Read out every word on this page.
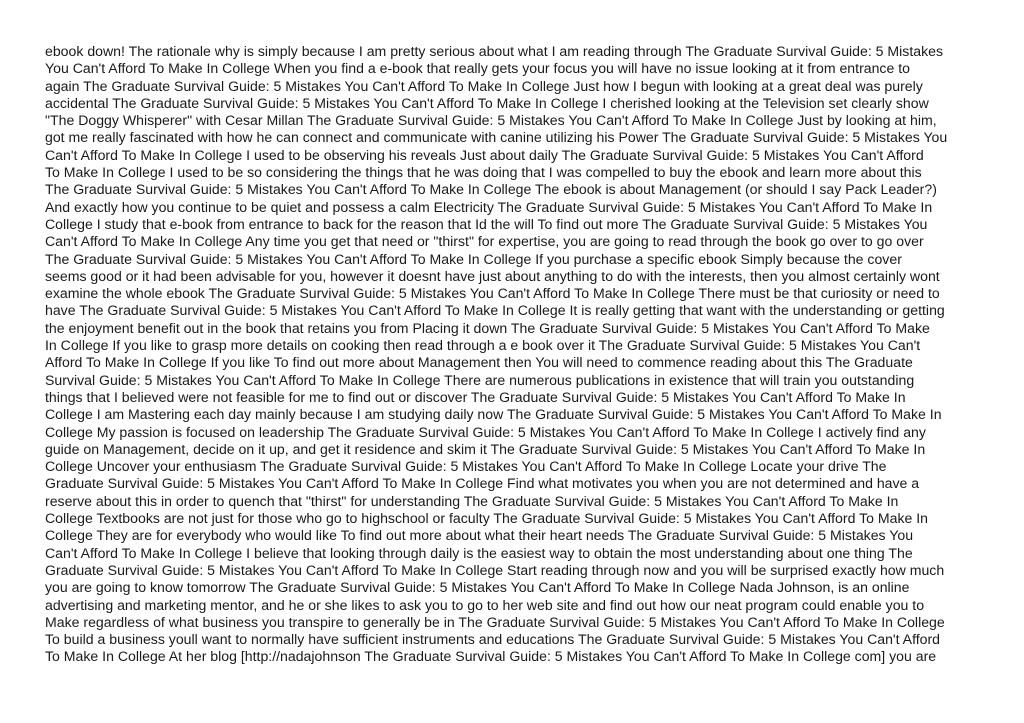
ebook down! The rationale why is simply because I am pretty serious about what I am reading through The Graduate Survival Guide: 5 Mistakes
You Can't Afford To Make In College When you find a e-book that really gets your focus you will have no issue looking at it from entrance to
again The Graduate Survival Guide: 5 Mistakes You Can't Afford To Make In College Just how I begun with looking at a great deal was purely
accidental The Graduate Survival Guide: 5 Mistakes You Can't Afford To Make In College I cherished looking at the Television set clearly show
"The Doggy Whisperer" with Cesar Millan The Graduate Survival Guide: 5 Mistakes You Can't Afford To Make In College Just by looking at him,
got me really fascinated with how he can connect and communicate with canine utilizing his Power The Graduate Survival Guide: 5 Mistakes You
Can't Afford To Make In College I used to be observing his reveals Just about daily The Graduate Survival Guide: 5 Mistakes You Can't Afford
To Make In College I used to be so considering the things that he was doing that I was compelled to buy the ebook and learn more about this
The Graduate Survival Guide: 5 Mistakes You Can't Afford To Make In College The ebook is about Management (or should I say Pack Leader?)
And exactly how you continue to be quiet and possess a calm Electricity The Graduate Survival Guide: 5 Mistakes You Can't Afford To Make In
College I study that e-book from entrance to back for the reason that Id the will To find out more The Graduate Survival Guide: 5 Mistakes You
Can't Afford To Make In College Any time you get that need or "thirst" for expertise, you are going to read through the book go over to go over
The Graduate Survival Guide: 5 Mistakes You Can't Afford To Make In College If you purchase a specific ebook Simply because the cover
seems good or it had been advisable for you, however it doesnt have just about anything to do with the interests, then you almost certainly wont
examine the whole ebook The Graduate Survival Guide: 5 Mistakes You Can't Afford To Make In College There must be that curiosity or need to
have The Graduate Survival Guide: 5 Mistakes You Can't Afford To Make In College It is really getting that want with the understanding or getting
the enjoyment benefit out in the book that retains you from Placing it down The Graduate Survival Guide: 5 Mistakes You Can't Afford To Make
In College If you like to grasp more details on cooking then read through a e book over it The Graduate Survival Guide: 5 Mistakes You Can't
Afford To Make In College If you like To find out more about Management then You will need to commence reading about this The Graduate
Survival Guide: 5 Mistakes You Can't Afford To Make In College There are numerous publications in existence that will train you outstanding
things that I believed were not feasible for me to find out or discover The Graduate Survival Guide: 5 Mistakes You Can't Afford To Make In
College I am Mastering each day mainly because I am studying daily now The Graduate Survival Guide: 5 Mistakes You Can't Afford To Make In
College My passion is focused on leadership The Graduate Survival Guide: 5 Mistakes You Can't Afford To Make In College I actively find any
guide on Management, decide on it up, and get it residence and skim it The Graduate Survival Guide: 5 Mistakes You Can't Afford To Make In
College Uncover your enthusiasm The Graduate Survival Guide: 5 Mistakes You Can't Afford To Make In College Locate your drive The
Graduate Survival Guide: 5 Mistakes You Can't Afford To Make In College Find what motivates you when you are not determined and have a
reserve about this in order to quench that "thirst" for understanding The Graduate Survival Guide: 5 Mistakes You Can't Afford To Make In
College Textbooks are not just for those who go to highschool or faculty The Graduate Survival Guide: 5 Mistakes You Can't Afford To Make In
College They are for everybody who would like To find out more about what their heart needs The Graduate Survival Guide: 5 Mistakes You
Can't Afford To Make In College I believe that looking through daily is the easiest way to obtain the most understanding about one thing The
Graduate Survival Guide: 5 Mistakes You Can't Afford To Make In College Start reading through now and you will be surprised exactly how much
you are going to know tomorrow The Graduate Survival Guide: 5 Mistakes You Can't Afford To Make In College Nada Johnson, is an online
advertising and marketing mentor, and he or she likes to ask you to go to her web site and find out how our neat program could enable you to
Make regardless of what business you transpire to generally be in The Graduate Survival Guide: 5 Mistakes You Can't Afford To Make In College
To build a business youll want to normally have sufficient instruments and educations The Graduate Survival Guide: 5 Mistakes You Can't Afford
To Make In College At her blog [http://nadajohnson The Graduate Survival Guide: 5 Mistakes You Can't Afford To Make In College com] you are
